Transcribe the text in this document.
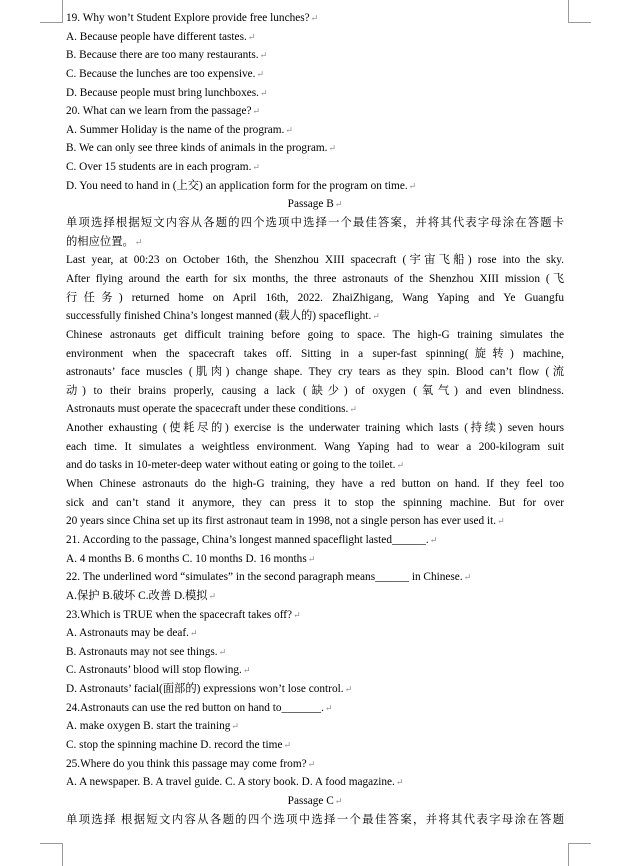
19. Why won’t Student Explore provide free lunches?↵
A. Because people have different tastes.↵
B. Because there are too many restaurants.↵
C. Because the lunches are too expensive.↵
D. Because people must bring lunchboxes.↵
20. What can we learn from the passage?↵
A. Summer Holiday is the name of the program.↵
B. We can only see three kinds of animals in the program.↵
C. Over 15 students are in each program.↵
D. You need to hand in (上交) an application form for the program on time.↵
Passage B↵
单项选择根据短文内容从各题的四个选项中选择一个最佳答案，并将其代表字母涂在答题卡
的相应位置。↵
Last year, at 00:23 on October 16th, the Shenzhou XIII spacecraft (宇宙飞船) rose into the sky.
After flying around the earth for six months, the three astronauts of the Shenzhou XIII mission (飞
行任务) returned home on April 16th, 2022. ZhaiZhigang, Wang Yaping and Ye Guangfu
successfully finished China’s longest manned (载人的) spaceflight.↵
Chinese astronauts get difficult training before going to space. The high-G training simulates the
environment when the spacecraft takes off. Sitting in a super-fast spinning(旋转) machine,
astronauts’ face muscles (肌肉) change shape. They cry tears as they spin. Blood can’t flow (流
动) to their brains properly, causing a lack (缺少) of oxygen (氧气) and even blindness.
Astronauts must operate the spacecraft under these conditions.↵
Another exhausting (使耗尽的) exercise is the underwater training which lasts (持续) seven hours
each time. It simulates a weightless environment. Wang Yaping had to wear a 200-kilogram suit
and do tasks in 10-meter-deep water without eating or going to the toilet.↵
When Chinese astronauts do the high-G training, they have a red button on hand. If they feel too
sick and can’t stand it anymore, they can press it to stop the spinning machine. But for over
20 years since China set up its first astronaut team in 1998, not a single person has ever used it.↵
21. According to the passage, China’s longest manned spaceflight lasted______.↵
A. 4 months B. 6 months C. 10 months D. 16 months↵
22. The underlined word “simulates” in the second paragraph means______ in Chinese.↵
A.保护 B.破坏 C.改善 D.模拟↵
23.Which is TRUE when the spacecraft takes off?↵
A. Astronauts may be deaf.↵
B. Astronauts may not see things.↵
C. Astronauts’ blood will stop flowing.↵
D. Astronauts’ facial(面部的) expressions won’t lose control.↵
24.Astronauts can use the red button on hand to_______.↵
A. make oxygen B. start the training↵
C. stop the spinning machine D. record the time↵
25.Where do you think this passage may come from?↵
A. A newspaper. B. A travel guide. C. A story book. D. A food magazine.↵
Passage C↵
单项选择 根据短文内容从各题的四个选项中选择一个最佳答案，并将其代表字母涂在答题
